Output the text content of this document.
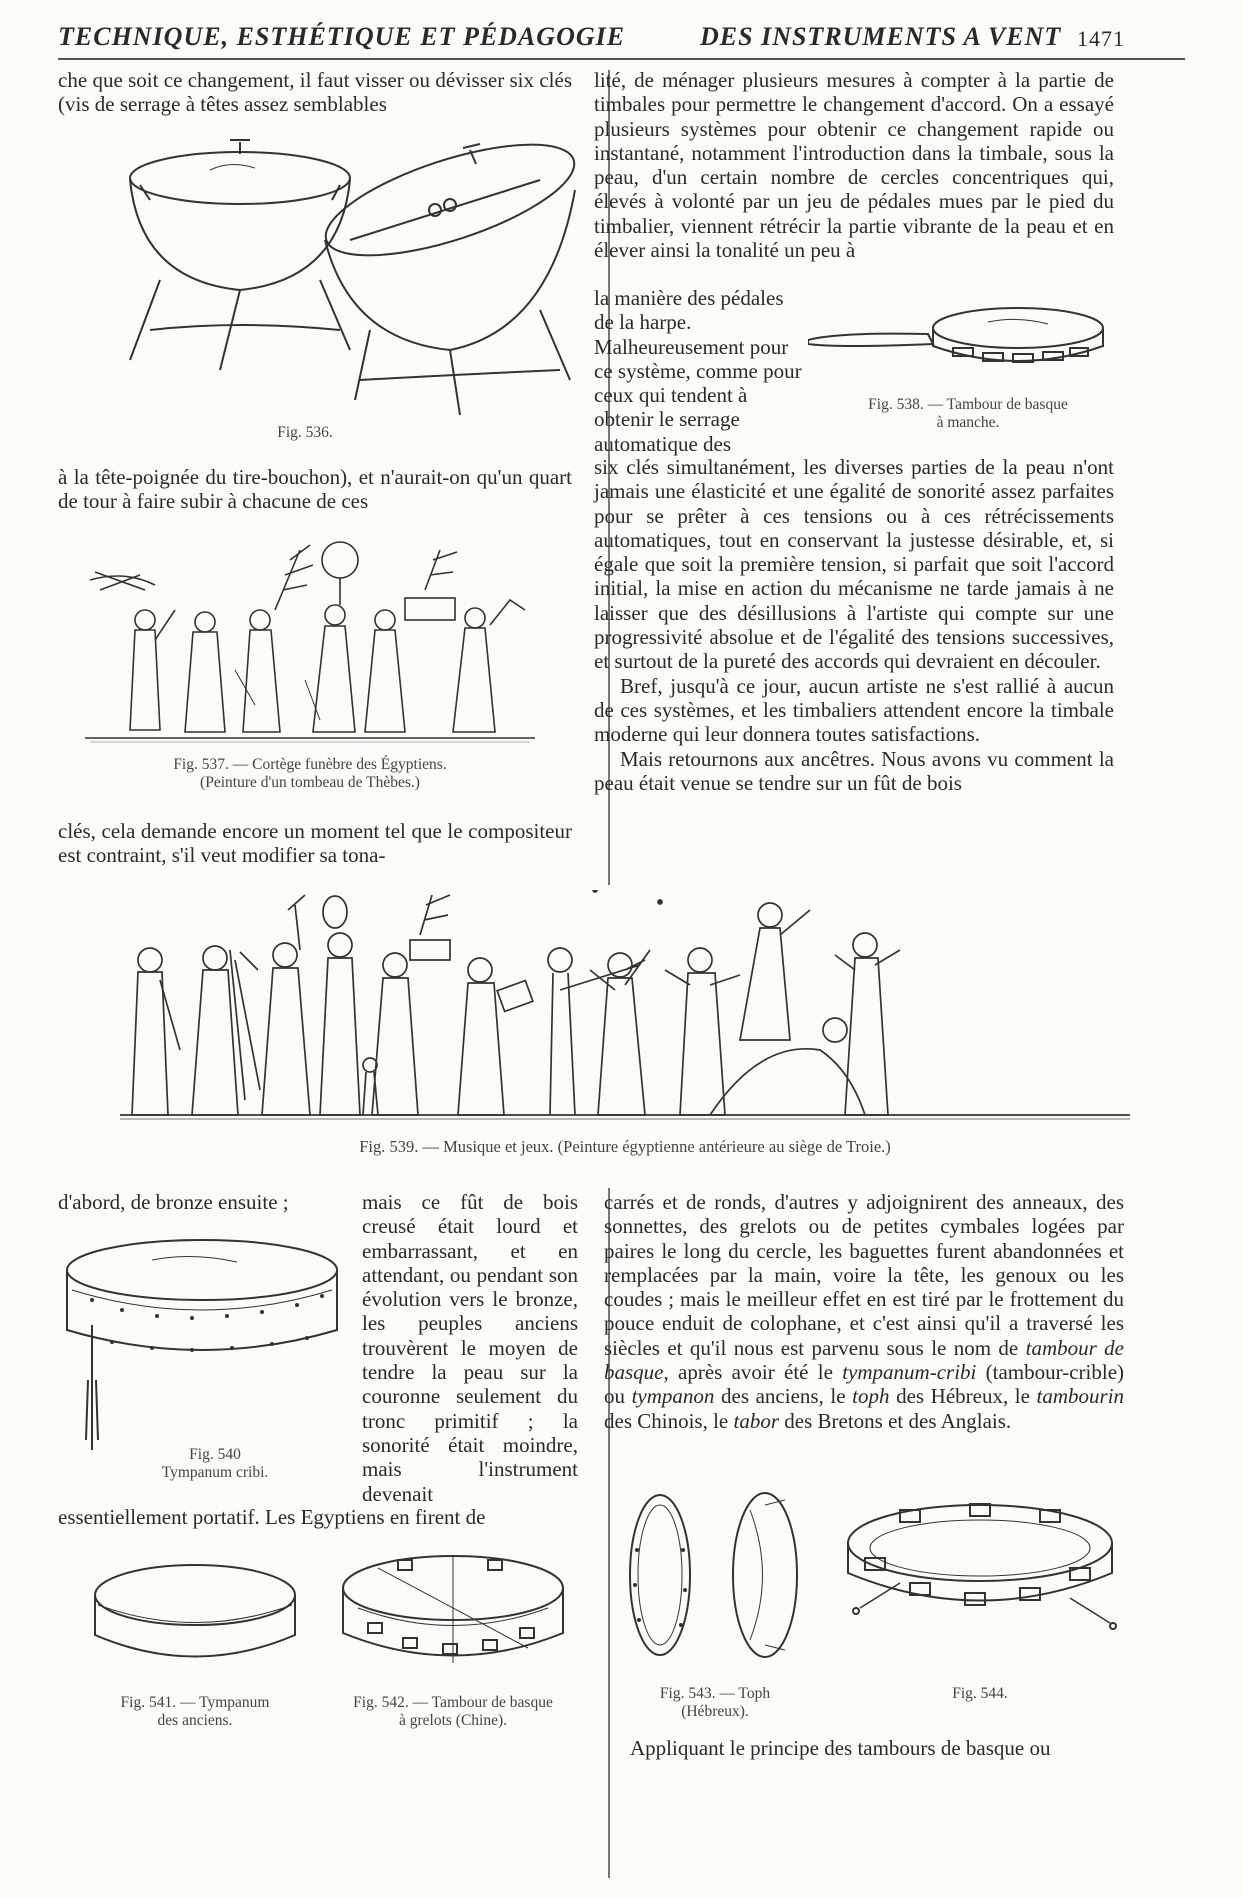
TECHNIQUE, ESTHÉTIQUE ET PÉDAGOGIE	DES INSTRUMENTS A VENT 1471

che que soit ce changement, il faut visser ou dévisser six clés (vis de serrage à têtes assez semblables

Fig. 536.

à la tête-poignée du tire-bouchon), et n'aurait-on qu'un quart de tour à faire subir à chacune de ces

Fig. 537. — Cortège funèbre des Égyptiens.
(Peinture d'un tombeau de Thèbes.)

clés, cela demande encore un moment tel que le compositeur est contraint, s'il veut modifier sa tona-

lité, de ménager plusieurs mesures à compter à la partie de timbales pour permettre le changement d'accord. On a essayé plusieurs systèmes pour obtenir ce changement rapide ou instantané, notamment l'introduction dans la timbale, sous la peau, d'un certain nombre de cercles concentriques qui, élevés à volonté par un jeu de pédales mues par le pied du timbalier, viennent rétrécir la partie vibrante de la peau et en élever ainsi la tonalité un peu à

la manière des pédales de la harpe. Malheureusement pour ce système, comme pour ceux qui tendent à obtenir le serrage automatique des

Fig. 538. — Tambour de basque
à manche.

six clés simultanément, les diverses parties de la peau n'ont jamais une élasticité et une égalité de sonorité assez parfaites pour se prêter à ces tensions ou à ces rétrécissements automatiques, tout en conservant la justesse désirable, et, si égale que soit la première tension, si parfait que soit l'accord initial, la mise en action du mécanisme ne tarde jamais à ne laisser que des désillusions à l'artiste qui compte sur une progressivité absolue et de l'égalité des tensions successives, et surtout de la pureté des accords qui devraient en découler.

Bref, jusqu'à ce jour, aucun artiste ne s'est rallié à aucun de ces systèmes, et les timbaliers attendent encore la timbale moderne qui leur donnera toutes satisfactions.

Mais retournons aux ancêtres. Nous avons vu comment la peau était venue se tendre sur un fût de bois

Fig. 539. — Musique et jeux. (Peinture égyptienne antérieure au siège de Troie.)

d'abord, de bronze ensuite ;

Fig. 540
Tympanum cribi.

mais ce fût de bois creusé était lourd et embarrassant, et en attendant, ou pendant son évolution vers le bronze, les peuples anciens trouvèrent le moyen de tendre la peau sur la couronne seulement du tronc primitif ; la sonorité était moindre, mais l'instrument devenait

essentiellement portatif. Les Egyptiens en firent de

Fig. 541. — Tympanum
des anciens.
Fig. 542. — Tambour de basque
à grelots (Chine).

carrés et de ronds, d'autres y adjoignirent des anneaux, des sonnettes, des grelots ou de petites cymbales logées par paires le long du cercle, les baguettes furent abandonnées et remplacées par la main, voire la tête, les genoux ou les coudes ; mais le meilleur effet en est tiré par le frottement du pouce enduit de colophane, et c'est ainsi qu'il a traversé les siècles et qu'il nous est parvenu sous le nom de tambour de basque, après avoir été le tympanum-cribi (tambour-crible) ou tympanon des anciens, le toph des Hébreux, le tambourin des Chinois, le tabor des Bretons et des Anglais.

Fig. 543. — Toph
(Hébreux).
Fig. 544.

Appliquant le principe des tambours de basque ou
